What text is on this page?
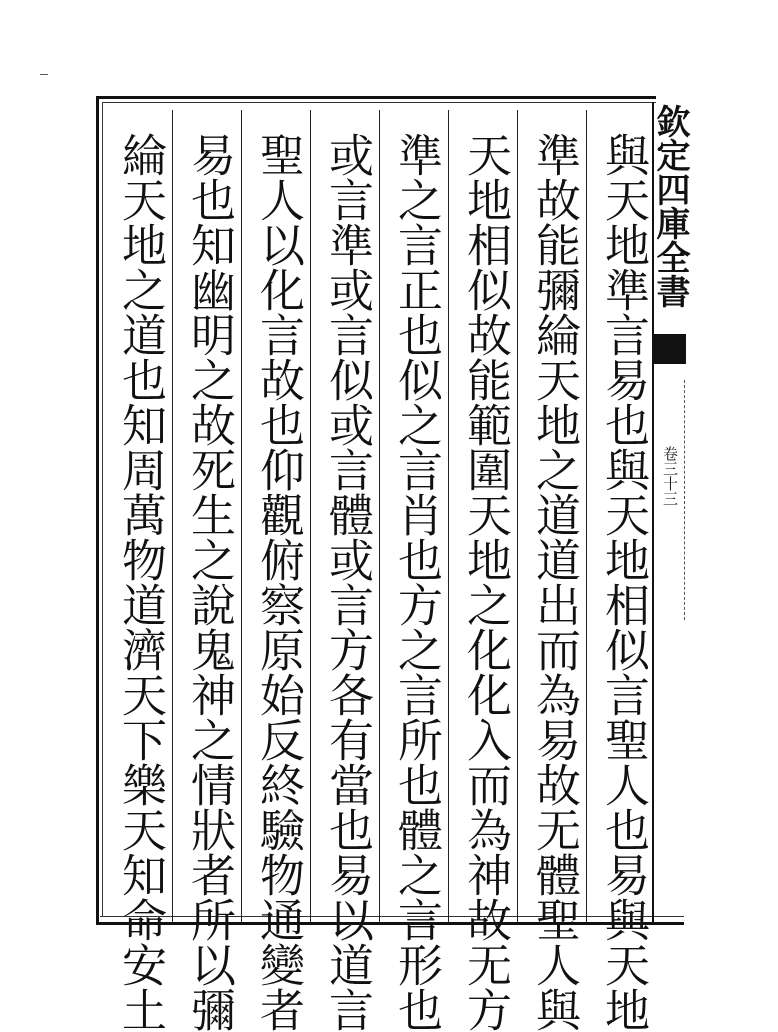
與天地準言易也與天地相似言聖人也易與天地
準故能彌綸天地之道道出而為易故无體聖人與
天地相似故能範圍天地之化化入而為神故无方
準之言正也似之言肖也方之言所也體之言形也
或言準或言似或言體或言方各有當也易以道言
聖人以化言故也仰觀俯察原始反終驗物通變者
易也知幽明之故死生之說鬼神之情狀者所以彌
綸天地之道也知周萬物道濟天下樂天知命安土	欽定四庫全書
卷三十三
